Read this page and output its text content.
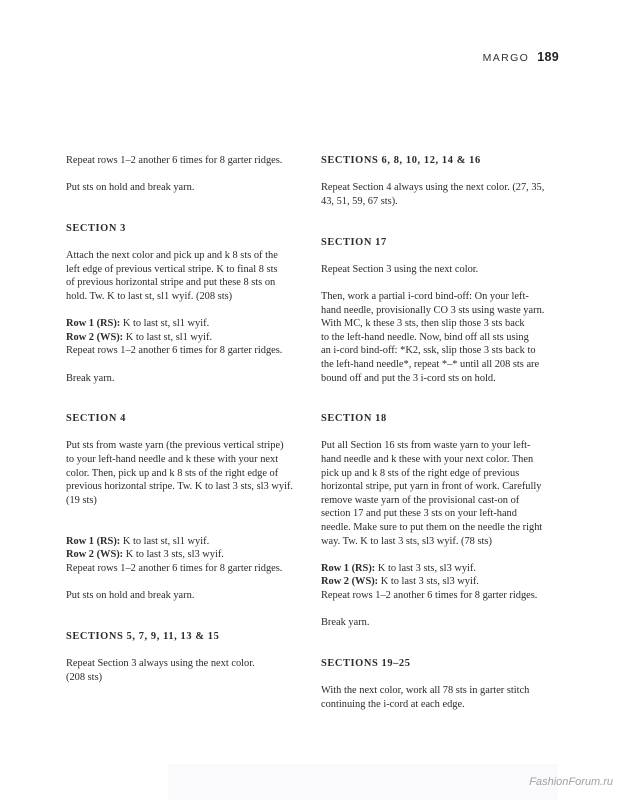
MARGO 189

Repeat rows 1–2 another 6 times for 8 garter ridges.

Put sts on hold and break yarn.

SECTION 3

Attach the next color and pick up and k 8 sts of the
left edge of previous vertical stripe. K to final 8 sts
of previous horizontal stripe and put these 8 sts on
hold. Tw. K to last st, sl1 wyif. (208 sts)

Row 1 (RS): K to last st, sl1 wyif.
Row 2 (WS): K to last st, sl1 wyif.
Repeat rows 1–2 another 6 times for 8 garter ridges.

Break yarn.

SECTION 4

Put sts from waste yarn (the previous vertical stripe)
to your left-hand needle and k these with your next
color. Then, pick up and k 8 sts of the right edge of
previous horizontal stripe. Tw. K to last 3 sts, sl3 wyif.
(19 sts)

Row 1 (RS): K to last st, sl1 wyif.
Row 2 (WS): K to last 3 sts, sl3 wyif.
Repeat rows 1–2 another 6 times for 8 garter ridges.

Put sts on hold and break yarn.

SECTIONS 5, 7, 9, 11, 13 & 15

Repeat Section 3 always using the next color.
(208 sts)

SECTIONS 6, 8, 10, 12, 14 & 16

Repeat Section 4 always using the next color. (27, 35,
43, 51, 59, 67 sts).

SECTION 17

Repeat Section 3 using the next color.

Then, work a partial i-cord bind-off: On your left-
hand needle, provisionally CO 3 sts using waste yarn.
With MC, k these 3 sts, then slip those 3 sts back
to the left-hand needle. Now, bind off all sts using
an i-cord bind-off: *K2, ssk, slip those 3 sts back to
the left-hand needle*, repeat *–* until all 208 sts are
bound off and put the 3 i-cord sts on hold.

SECTION 18

Put all Section 16 sts from waste yarn to your left-
hand needle and k these with your next color. Then
pick up and k 8 sts of the right edge of previous
horizontal stripe, put yarn in front of work. Carefully
remove waste yarn of the provisional cast-on of
section 17 and put these 3 sts on your left-hand
needle. Make sure to put them on the needle the right
way. Tw. K to last 3 sts, sl3 wyif. (78 sts)

Row 1 (RS): K to last 3 sts, sl3 wyif.
Row 2 (WS): K to last 3 sts, sl3 wyif.
Repeat rows 1–2 another 6 times for 8 garter ridges.

Break yarn.

SECTIONS 19–25

With the next color, work all 78 sts in garter stitch
continuing the i-cord at each edge.

FashionForum.ru
